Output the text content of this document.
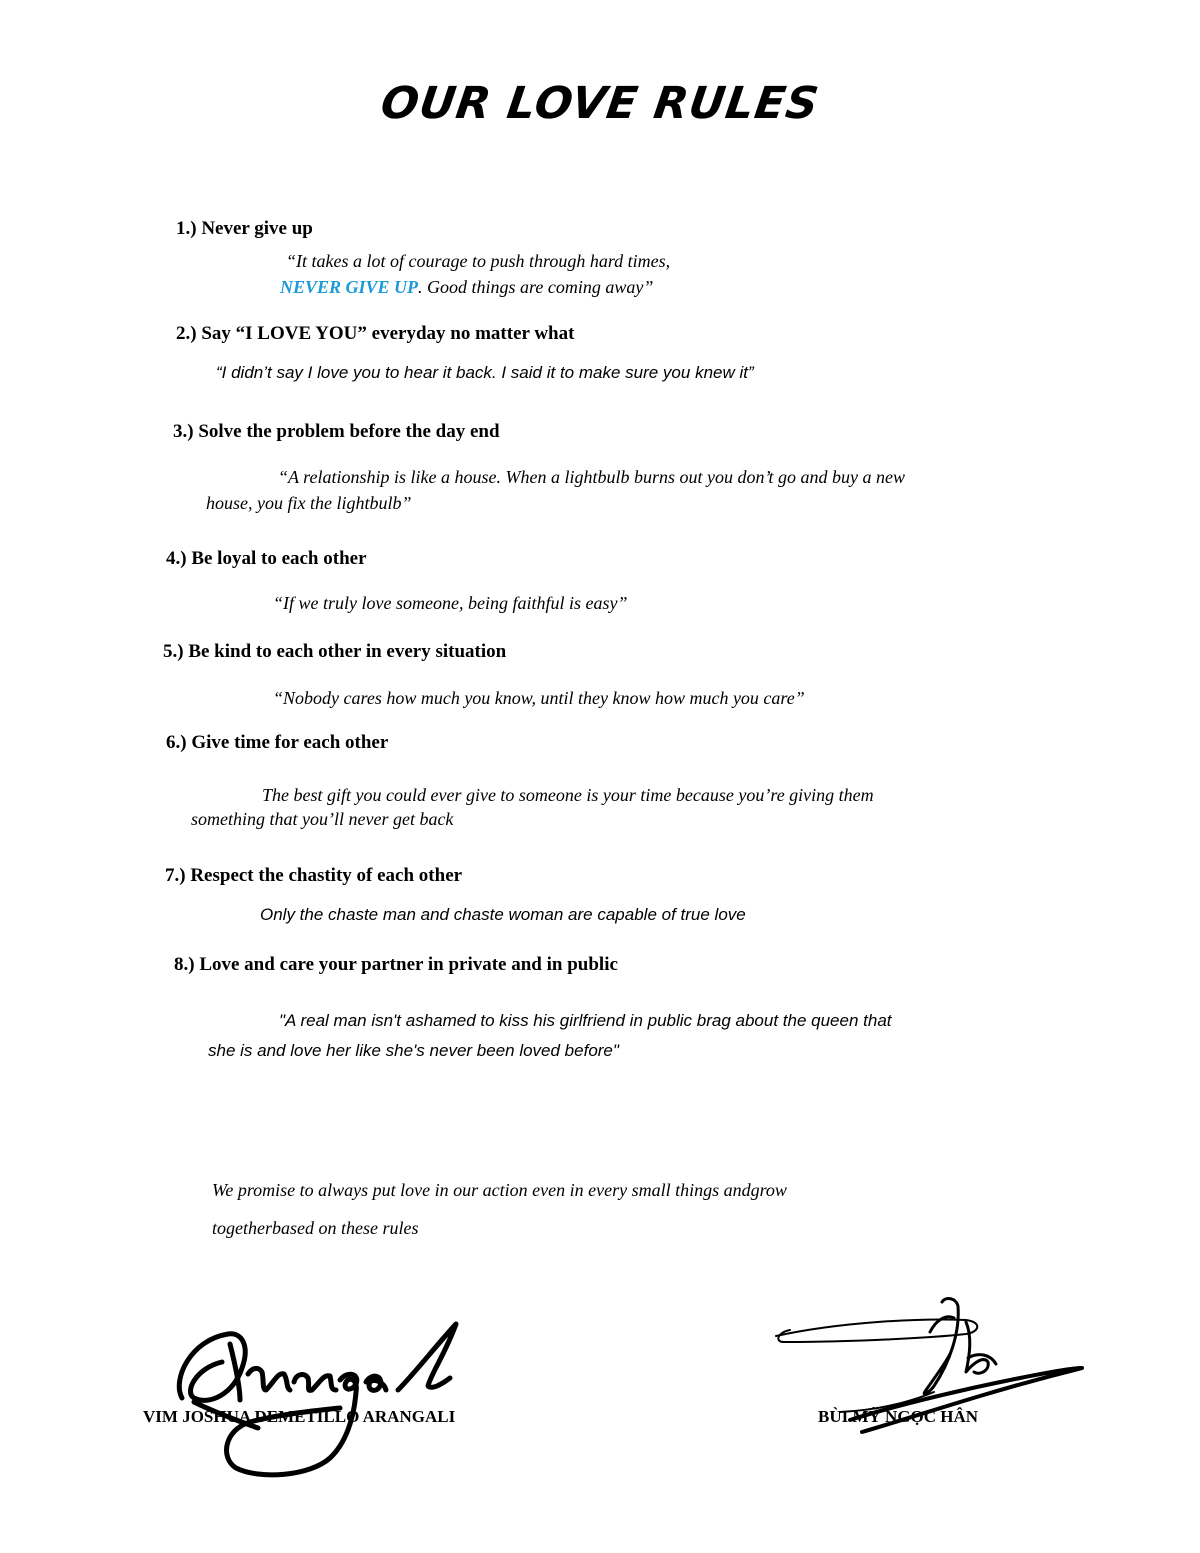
OUR LOVE RULES
1.) Never give up
“It takes a lot of courage to push through hard times,
NEVER GIVE UP. Good things are coming away”
2.) Say “I LOVE YOU” everyday no matter what
“I didn’t say I love you to hear it back. I said it to make sure you knew it”
3.) Solve the problem before the day end
“A relationship is like a house. When a lightbulb burns out you don’t go and buy a new
house, you fix the lightbulb”
4.) Be loyal to each other
“If we truly love someone, being faithful is easy”
5.) Be kind to each other in every situation
“Nobody cares how much you know, until they know how much you care”
6.) Give time for each other
The best gift you could ever give to someone is your time because you’re giving them
something that you’ll never get back
7.) Respect the chastity of each other
Only the chaste man and chaste woman are capable of true love
8.) Love and care your partner in private and in public
"A real man isn't ashamed to kiss his girlfriend in public brag about the queen that
she is and love her like she's never been loved before"
We promise to always put love in our action even in every small things andgrow
togetherbased on these rules
VIM JOSHUA DEMETILLO ARANGALI	BÙI MỸ NGỌC HÂN
